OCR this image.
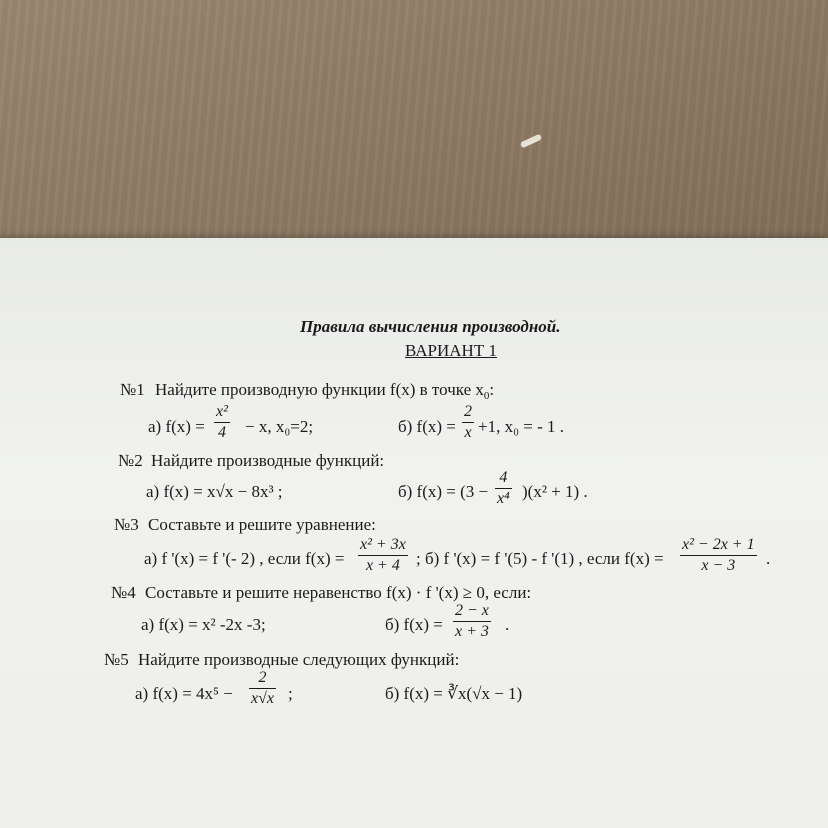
Правила вычисления производной.
ВАРИАНТ 1
№1 Найдите производную функции f(x) в точке $x_0$:
а) f(x) =
x²
4 − x, x₀=2;	б) f(x) =
2
x +1, x₀ = - 1 .
№2 Найдите производные функций:
а) f(x) = x√x − 8x³ ;	б) f(x) = (3 −
4
x⁴ )(x² + 1) .
№3 Составьте и решите уравнение:
а) f '(x) = f '(- 2) , если f(x) =
x² + 3x
x + 4 ; б) f '(x) = f '(5) - f '(1) , если f(x) =
x² − 2x + 1
x − 3	.
№4 Составьте и решите неравенство f(x) · f '(x) ≥ 0, если:
а) f(x) = x² -2x -3;	б) f(x) =
2 − x
x + 3 .
№5 Найдите производные следующих функций:
а) f(x) = 4x⁵ −
2
x√x ;	б) f(x) = ∛x(√x − 1)
